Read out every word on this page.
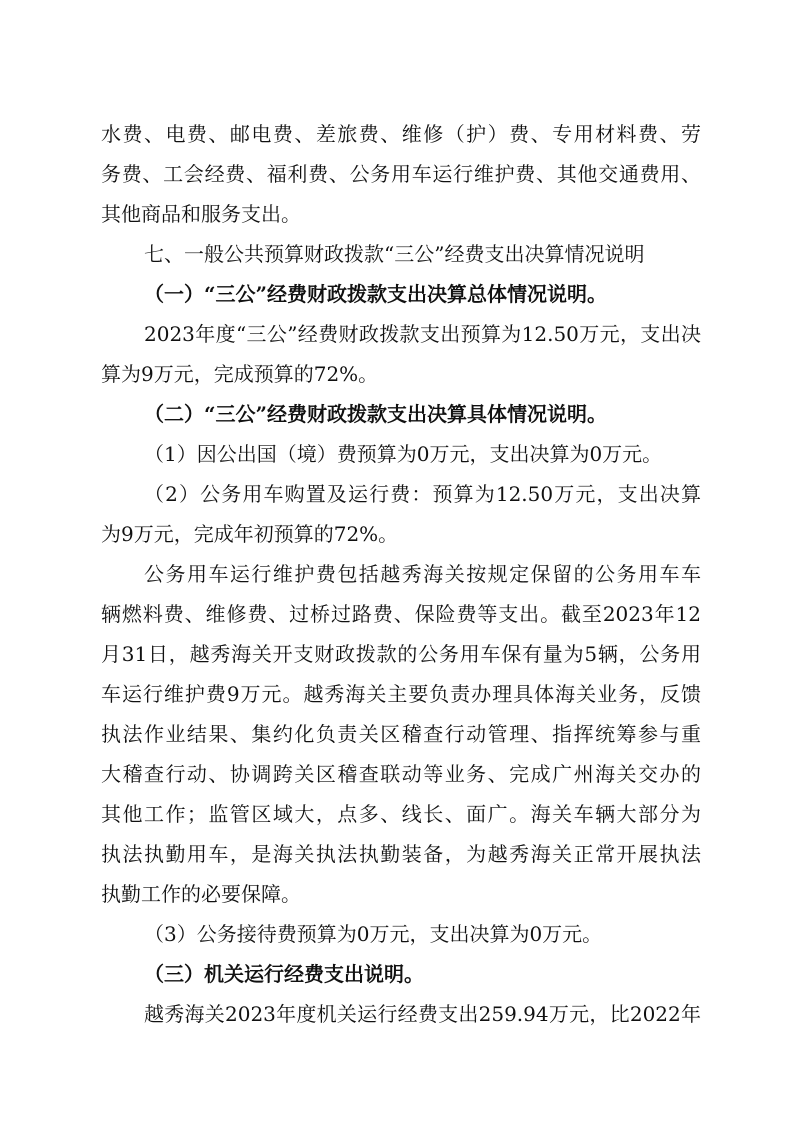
水费、电费、邮电费、差旅费、维修（护）费、专用材料费、劳
务费、工会经费、福利费、公务用车运行维护费、其他交通费用、
其他商品和服务支出。
七、一般公共预算财政拨款“三公”经费支出决算情况说明
（一）“三公”经费财政拨款支出决算总体情况说明。
2023年度“三公”经费财政拨款支出预算为12.50万元，支出决
算为9万元，完成预算的72%。
（二）“三公”经费财政拨款支出决算具体情况说明。
（1）因公出国（境）费预算为0万元，支出决算为0万元。
（2）公务用车购置及运行费：预算为12.50万元，支出决算
为9万元，完成年初预算的72%。
公务用车运行维护费包括越秀海关按规定保留的公务用车车
辆燃料费、维修费、过桥过路费、保险费等支出。截至2023年12
月31日，越秀海关开支财政拨款的公务用车保有量为5辆，公务用
车运行维护费9万元。越秀海关主要负责办理具体海关业务，反馈
执法作业结果、集约化负责关区稽查行动管理、指挥统筹参与重
大稽查行动、协调跨关区稽查联动等业务、完成广州海关交办的
其他工作；监管区域大，点多、线长、面广。海关车辆大部分为
执法执勤用车，是海关执法执勤装备，为越秀海关正常开展执法
执勤工作的必要保障。
（3）公务接待费预算为0万元，支出决算为0万元。
（三）机关运行经费支出说明。
越秀海关2023年度机关运行经费支出259.94万元，比2022年
